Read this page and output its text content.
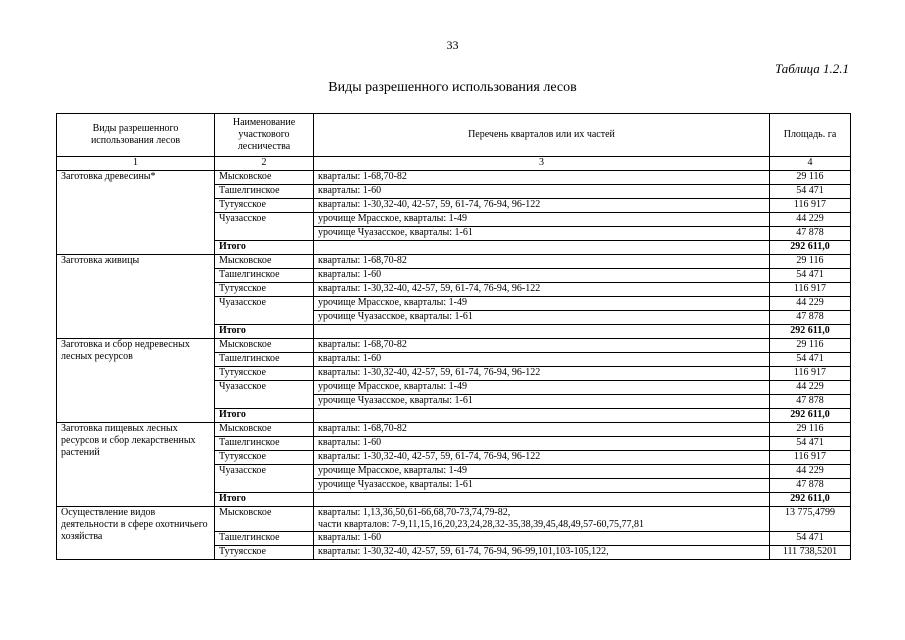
33
Таблица 1.2.1
Виды разрешенного использования лесов
Виды разрешенного использования лесов	Наименование участкового лесничества	Перечень кварталов или их частей	Площадь. га
1	2	3	4
Заготовка древесины*	Мысковское	кварталы: 1-68,70-82	29 116
	Ташелгинское	кварталы: 1-60	54 471
	Тутуясское	кварталы: 1-30,32-40, 42-57, 59, 61-74, 76-94, 96-122	116 917
	Чуазасское	урочище Мрасское, кварталы: 1-49	44 229

		урочище Чуазасское, кварталы: 1-61	47 878
	Итого		292 611,0
Заготовка живицы	Мысковское	кварталы: 1-68,70-82	29 116
	Ташелгинское	кварталы: 1-60	54 471
	Тутуясское	кварталы: 1-30,32-40, 42-57, 59, 61-74, 76-94, 96-122	116 917
	Чуазасское	урочище Мрасское, кварталы: 1-49	44 229

		урочище Чуазасское, кварталы: 1-61	47 878
	Итого		292 611,0
Заготовка и сбор недревесных лесных ресурсов	Мысковское	кварталы: 1-68,70-82	29 116
	Ташелгинское	кварталы: 1-60	54 471
	Тутуясское	кварталы: 1-30,32-40, 42-57, 59, 61-74, 76-94, 96-122	116 917
	Чуазасское	урочище Мрасское, кварталы: 1-49	44 229

		урочище Чуазасское, кварталы: 1-61	47 878
	Итого		292 611,0
Заготовка пищевых лесных ресурсов и сбор лекарственных растений	Мысковское	кварталы: 1-68,70-82	29 116
	Ташелгинское	кварталы: 1-60	54 471
	Тутуясское	кварталы: 1-30,32-40, 42-57, 59, 61-74, 76-94, 96-122	116 917
	Чуазасское	урочище Мрасское, кварталы: 1-49	44 229

		урочище Чуазасское, кварталы: 1-61	47 878
	Итого		292 611,0
Осуществление видов деятельности в сфере охотничьего хозяйства	Мысковское	кварталы: 1,13,36,50,61-66,68,70-73,74,79-82,
части кварталов: 7-9,11,15,16,20,23,24,28,32-35,38,39,45,48,49,57-60,75,77,81	13 775,4799
	Ташелгинское	кварталы: 1-60	54 471
	Тутуясское	кварталы: 1-30,32-40, 42-57, 59, 61-74, 76-94, 96-99,101,103-105,122,	111 738,5201
